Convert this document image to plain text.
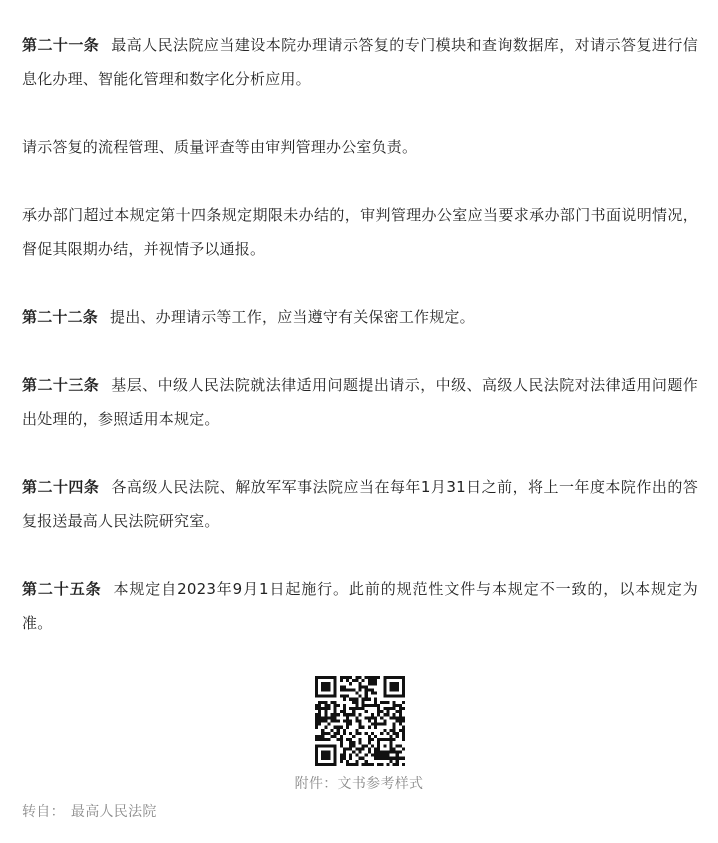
第二十一条 最高人民法院应当建设本院办理请示答复的专门模块和查询数据库，对请示答复进行信息化办理、智能化管理和数字化分析应用。

请示答复的流程管理、质量评查等由审判管理办公室负责。

承办部门超过本规定第十四条规定期限未办结的，审判管理办公室应当要求承办部门书面说明情况，督促其限期办结，并视情予以通报。

第二十二条 提出、办理请示等工作，应当遵守有关保密工作规定。

第二十三条 基层、中级人民法院就法律适用问题提出请示，中级、高级人民法院对法律适用问题作出处理的，参照适用本规定。

第二十四条 各高级人民法院、解放军军事法院应当在每年1月31日之前，将上一年度本院作出的答复报送最高人民法院研究室。

第二十五条 本规定自2023年9月1日起施行。此前的规范性文件与本规定不一致的，以本规定为准。

附件：文书参考样式
转自： 最高人民法院
